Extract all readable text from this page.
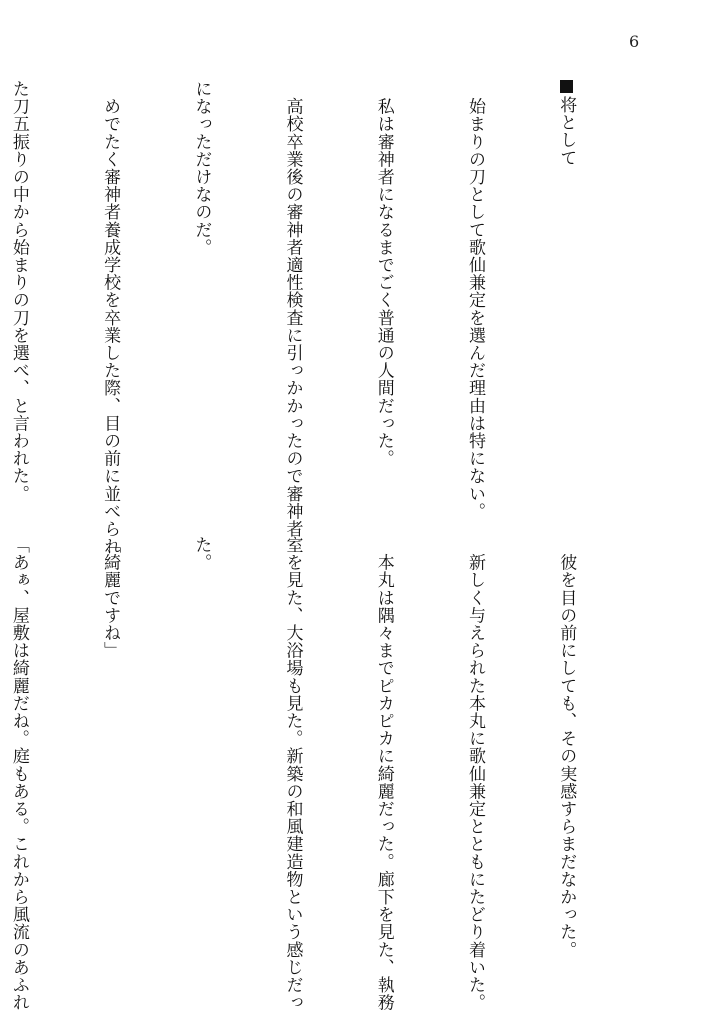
6

将として

　始まりの刀として歌仙兼定を選んだ理由は特にない。

　私は審神者になるまでごく普通の人間だった。

　高校卒業後の審神者適性検査に引っかかったので審神者

になっただけなのだ。

　めでたく審神者養成学校を卒業した際、目の前に並べられ

た刀五振りの中から始まりの刀を選べ、と言われた。

　彼を目の前にしても、その実感すらまだなかった。

　新しく与えられた本丸に歌仙兼定とともにたどり着いた。

　本丸は隅々までピカピカに綺麗だった。廊下を見た、執務

室を見た、大浴場も見た。新築の和風建造物という感じだっ

た。

「綺麗ですね」

「あぁ、屋敷は綺麗だね。庭もある。これから風流のあふれ
